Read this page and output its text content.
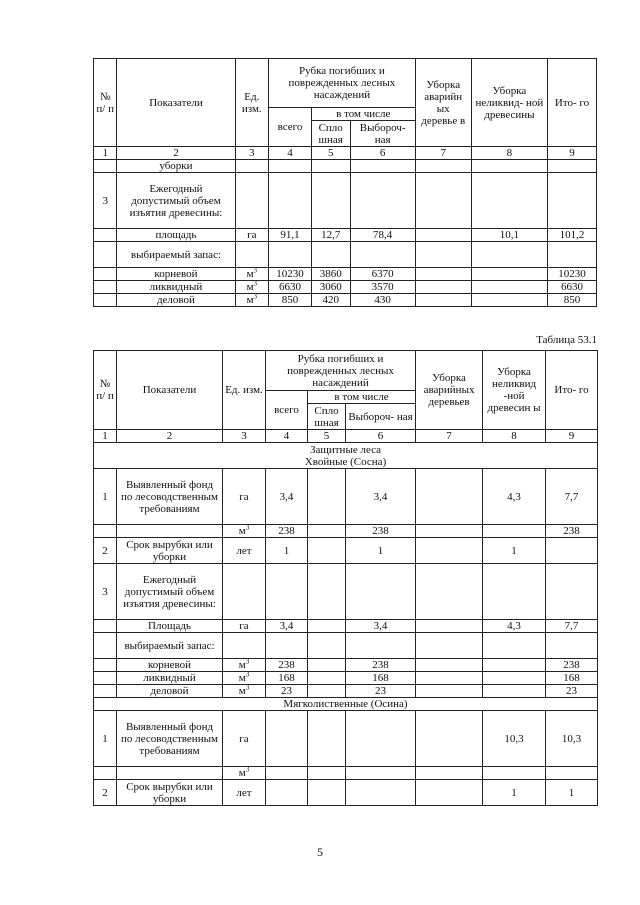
№ п/ п	Показатели	Ед. изм.	Рубка погибших и поврежденных лесных насаждений			Уборка аварийн ых деревье в	Уборка неликвид- ной древесины	Ито- го
			всего	в том числе				
				Спло шная	Выбороч- ная			
1	2	3	4	5	6	7	8	9
	уборки							
3	Ежегодный допустимый объем изъятия древесины:							
	площадь	га	91,1	12,7	78,4		10,1	101,2
	выбираемый запас:							
	корневой	$м^3$	10230	3860	6370			10230
	ликвидный	$м^3$	6630	3060	3570			6630
	деловой	$м^3$	850	420	430			850
Таблица 53.1
№ п/ п	Показатели	Ед. изм.	Рубка погибших и поврежденных лесных насаждений			Уборка аварийных деревьев	Уборка неликвид -ной древесин ы	Ито- го
			всего	в том числе				
				Спло шная	Выбороч- ная			
1	2	3	4	5	6	7	8	9

Защитные леса
Хвойные (Сосна)								

1	Выявленный фонд по лесоводственным требованиям	га	3,4		3,4		4,3	7,7
		$м^3$	238		238			238
2	Срок вырубки или уборки	лет	1		1		1	
3	Ежегодный допустимый объем изъятия древесины:							
	Площадь	га	3,4		3,4		4,3	7,7
	выбираемый запас:							
	корневой	$м^3$	238		238			238
	ликвидный	$м^3$	168		168			168
	деловой	$м^3$	23		23			23
Мягколиственные (Осина)								
1	Выявленный фонд по лесоводственным требованиям	га					10,3	10,3
		$м^3$						
2	Срок вырубки или уборки	лет					1	1
5
